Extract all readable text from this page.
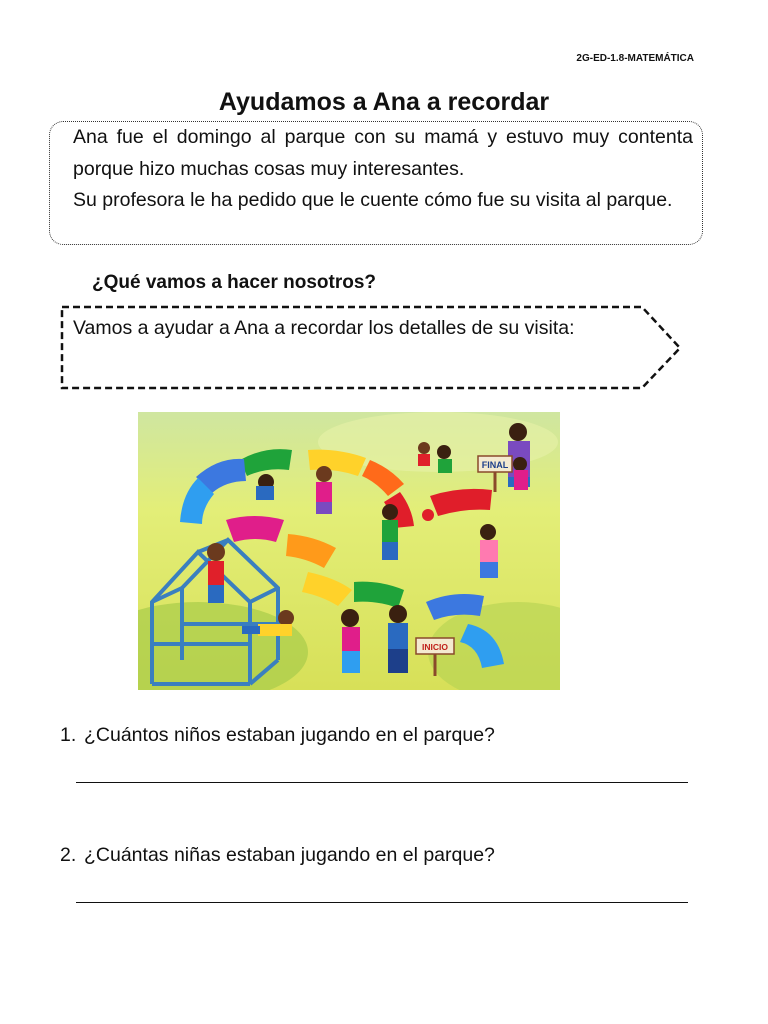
2G-ED-1.8-MATEMÁTICA
Ayudamos a Ana a recordar

Ana fue el domingo al parque con su mamá y estuvo muy contenta porque hizo muchas cosas muy interesantes.

Su profesora le ha pedido que le cuente cómo fue su visita al parque.

¿Qué vamos a hacer nosotros?

Vamos a ayudar a Ana a recordar los detalles de su visita:

FINAL
INICIO
1. ¿Cuántos niños estaban jugando en el parque?
2. ¿Cuántas niñas estaban jugando en el parque?
